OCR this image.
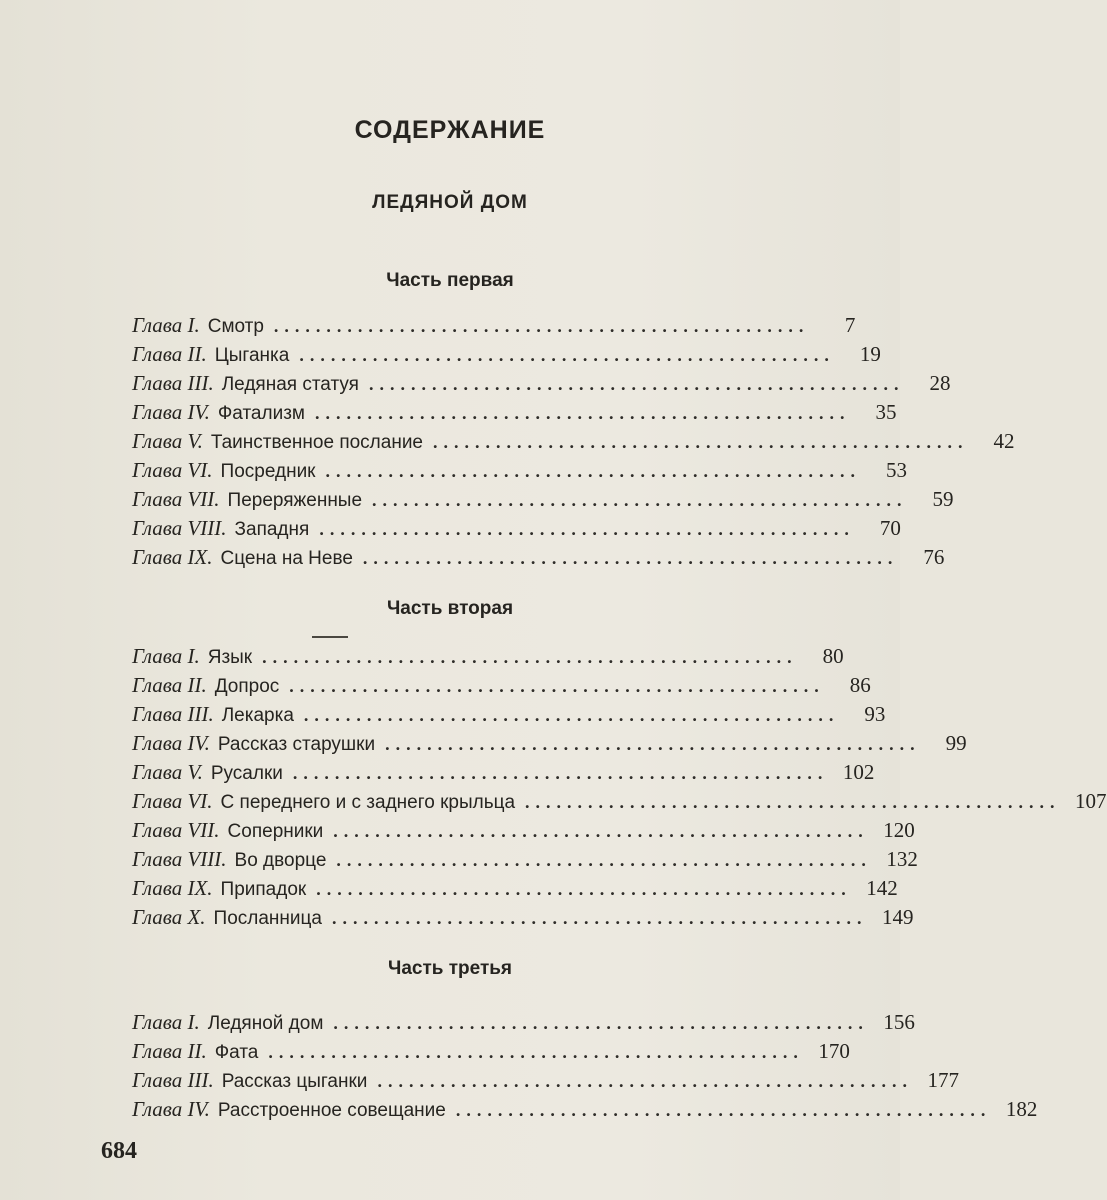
СОДЕРЖАНИЕ
ЛЕДЯНОЙ ДОМ
Часть первая
Глава I. Смотр ...................................................	7
Глава II. Цыганка ...................................................	19
Глава III. Ледяная статуя ...................................................	28
Глава IV. Фатализм ...................................................	35
Глава V. Таинственное послание ...................................................	42
Глава VI. Посредник ...................................................	53
Глава VII. Переряженные ...................................................	59
Глава VIII. Западня ...................................................	70
Глава IX. Сцена на Неве ...................................................	76
Часть вторая
Глава I. Язык ...................................................	80
Глава II. Допрос ...................................................	86
Глава III. Лекарка ...................................................	93
Глава IV. Рассказ старушки ...................................................	99
Глава V. Русалки ................................................... 102
Глава VI. С переднего и с заднего крыльца ................................................... 107
Глава VII. Соперники ................................................... 120
Глава VIII. Во дворце ................................................... 132
Глава IX. Припадок ................................................... 142
Глава X. Посланница ................................................... 149
Часть третья
Глава I. Ледяной дом ................................................... 156
Глава II. Фата ................................................... 170
Глава III. Рассказ цыганки ................................................... 177
Глава IV. Расстроенное совещание ................................................... 182
684
